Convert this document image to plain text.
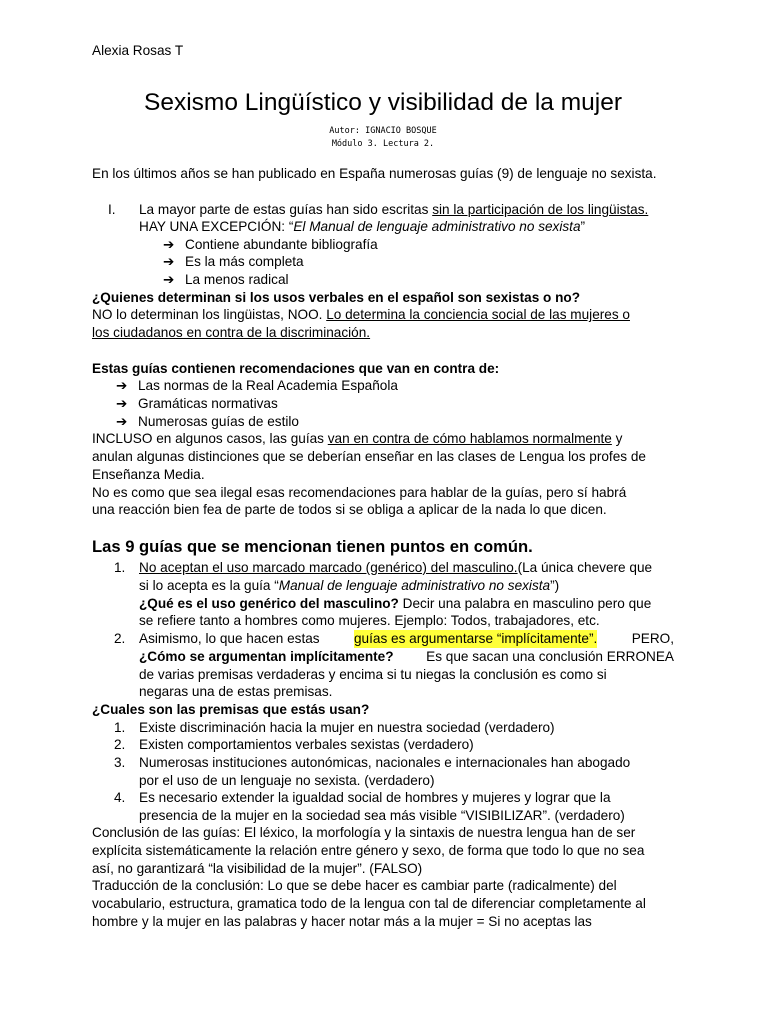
Alexia Rosas T
Sexismo Lingüístico y visibilidad de la mujer
Autor: IGNACIO BOSQUE
Módulo 3. Lectura 2.
En los últimos años se han publicado en España numerosas guías (9) de lenguaje no sexista.
I. La mayor parte de estas guías han sido escritas sin la participación de los lingüistas.
HAY UNA EXCEPCIÓN: “El Manual de lenguaje administrativo no sexista”
➔ Contiene abundante bibliografía
➔ Es la más completa
➔ La menos radical
¿Quienes determinan si los usos verbales en el español son sexistas o no?
NO lo determinan los lingüistas, NOO. Lo determina la conciencia social de las mujeres o
los ciudadanos en contra de la discriminación.
Estas guías contienen recomendaciones que van en contra de:
➔ Las normas de la Real Academia Española
➔ Gramáticas normativas
➔ Numerosas guías de estilo
INCLUSO en algunos casos, las guías van en contra de cómo hablamos normalmente y
anulan algunas distinciones que se deberían enseñar en las clases de Lengua los profes de
Enseñanza Media.
No es como que sea ilegal esas recomendaciones para hablar de la guías, pero sí habrá
una reacción bien fea de parte de todos si se obliga a aplicar de la nada lo que dicen.
Las 9 guías que se mencionan tienen puntos en común.
1. No aceptan el uso marcado marcado (genérico) del masculino.(La única chevere que
si lo acepta es la guía “Manual de lenguaje administrativo no sexista”)
¿Qué es el uso genérico del masculino? Decir una palabra en masculino pero que
se refiere tanto a hombres como mujeres. Ejemplo: Todos, trabajadores, etc.
2. Asimismo, lo que hacen estas	guías es argumentarse “implícitamente”.	PERO,
¿Cómo se argumentan implícitamente? Es que sacan una conclusión ERRONEA
de varias premisas verdaderas y encima si tu niegas la conclusión es como si
negaras una de estas premisas.
¿Cuales son las premisas que estás usan?
1. Existe discriminación hacia la mujer en nuestra sociedad (verdadero)
2. Existen comportamientos verbales sexistas (verdadero)
3. Numerosas instituciones autonómicas, nacionales e internacionales han abogado
por el uso de un lenguaje no sexista. (verdadero)
4. Es necesario extender la igualdad social de hombres y mujeres y lograr que la
presencia de la mujer en la sociedad sea más visible “VISIBILIZAR”. (verdadero)
Conclusión de las guías: El léxico, la morfología y la sintaxis de nuestra lengua han de ser
explícita sistemáticamente la relación entre género y sexo, de forma que todo lo que no sea
así, no garantizará “la visibilidad de la mujer”. (FALSO)
Traducción de la conclusión: Lo que se debe hacer es cambiar parte (radicalmente) del
vocabulario, estructura, gramatica todo de la lengua con tal de diferenciar completamente al
hombre y la mujer en las palabras y hacer notar más a la mujer = Si no aceptas las
